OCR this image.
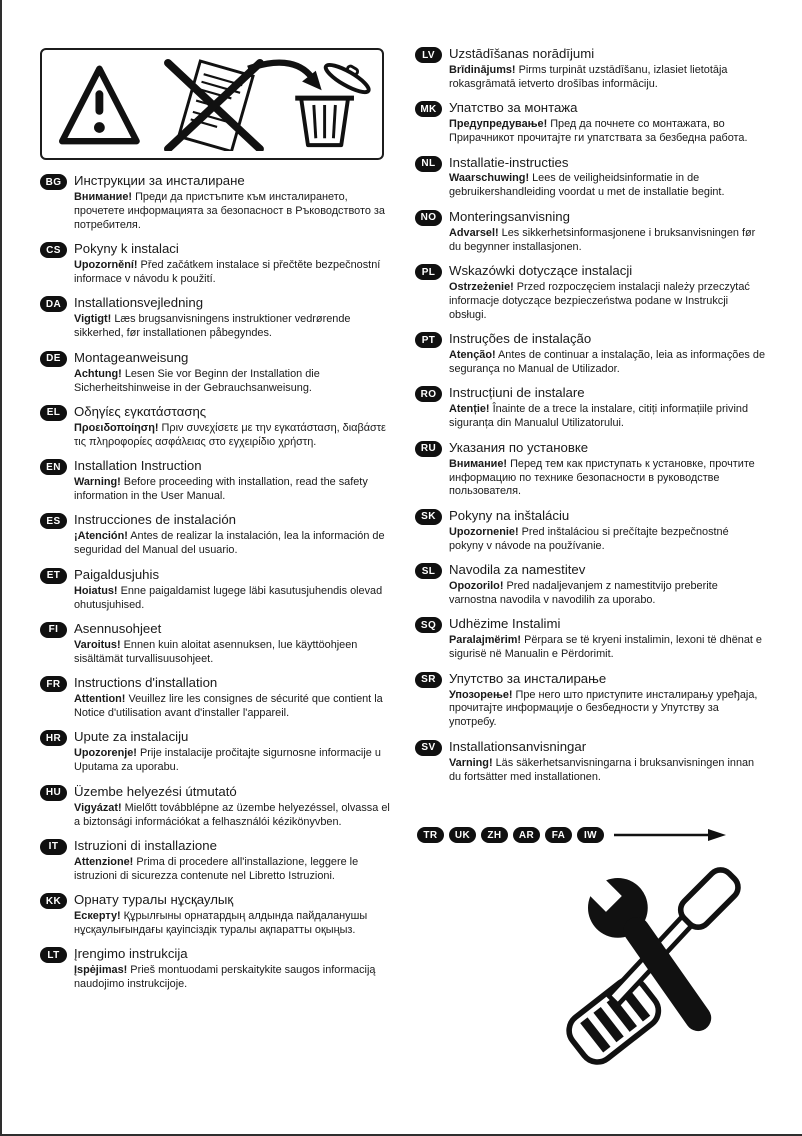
BG Инструкции за инсталиране
Внимание! Преди да пристъпите към инсталирането, прочетете информацията за безопасност в Ръководството за потребителя.
CS Pokyny k instalaci
Upozornění! Před začátkem instalace si přečtěte bezpečnostní informace v návodu k použití.
DA Installationsvejledning
Vigtigt! Læs brugsanvisningens instruktioner vedrørende sikkerhed, før installationen påbegyndes.
DE Montageanweisung
Achtung! Lesen Sie vor Beginn der Installation die Sicherheitshinweise in der Gebrauchsanweisung.
EL	Οδηγίες εγκατάστασης
Προειδοποίηση! Πριν συνεχίσετε με την εγκατάσταση, διαβάστε τις πληροφορίες ασφάλειας στο εγχειρίδιο χρήστη.
EN Installation Instruction
Warning! Before proceeding with installation, read the safety information in the User Manual.
ES	Instrucciones de instalación
¡Atención! Antes de realizar la instalación, lea la información de seguridad del Manual del usuario.
ET	Paigaldusjuhis
Hoiatus! Enne paigaldamist lugege läbi kasutusjuhendis olevad ohutusjuhised.
FI	Asennusohjeet
Varoitus! Ennen kuin aloitat asennuksen, lue käyttöohjeen sisältämät turvallisuusohjeet.
FR	Instructions d'installation
Attention! Veuillez lire les consignes de sécurité que contient la Notice d'utilisation avant d'installer l'appareil.
HR Upute za instalaciju
Upozorenje! Prije instalacije pročitajte sigurnosne informacije u Uputama za uporabu.
HU Üzembe helyezési útmutató
Vigyázat! Mielőtt továbblépne az üzembe helyezéssel, olvassa el a biztonsági információkat a felhasználói kézikönyvben.
IT	Istruzioni di installazione
Attenzione! Prima di procedere all'installazione, leggere le istruzioni di sicurezza contenute nel Libretto Istruzioni.
KK Орнату туралы нұсқаулық
Ескерту! Құрылғыны орнатардың алдында пайдаланушы нұсқаулығындағы қауіпсіздік туралы ақпаратты оқыңыз.
LT	Įrengimo instrukcija
Įspėjimas! Prieš montuodami perskaitykite saugos informaciją naudojimo instrukcijoje.
LV	Uzstādīšanas norādījumi
Brīdinājums! Pirms turpināt uzstādīšanu, izlasiet lietotāja rokasgrāmatā ietverto drošības informāciju.
MK Упатство за монтажа
Предупредување! Пред да почнете со монтажата, во Прирачникот прочитајте ги упатствата за безбедна работа.
NL	Installatie-instructies
Waarschuwing! Lees de veiligheidsinformatie in de gebruikershandleiding voordat u met de installatie begint.
NO Monteringsanvisning
Advarsel! Les sikkerhetsinformasjonene i bruksanvisningen før du begynner installasjonen.
PL	Wskazówki dotyczące instalacji
Ostrzeżenie! Przed rozpoczęciem instalacji należy przeczytać informacje dotyczące bezpieczeństwa podane w Instrukcji obsługi.
PT	Instruções de instalação
Atenção! Antes de continuar a instalação, leia as informações de segurança no Manual de Utilizador.
RO Instrucțiuni de instalare
Atenție! Înainte de a trece la instalare, citiți informațiile privind siguranța din Manualul Utilizatorului.
RU Указания по установке
Внимание! Перед тем как приступать к установке, прочтите информацию по технике безопасности в руководстве пользователя.
SK Pokyny na inštaláciu
Upozornenie! Pred inštaláciou si prečítajte bezpečnostné pokyny v návode na používanie.
SL	Navodila za namestitev
Opozorilo! Pred nadaljevanjem z namestitvijo preberite varnostna navodila v navodilih za uporabo.
SQ Udhëzime Instalimi
Paralajmërim! Përpara se të kryeni instalimin, lexoni të dhënat e sigurisë në Manualin e Përdorimit.
SR Упутство за инсталирање
Упозорење! Пре него што приступите инсталирању уређаја, прочитајте информације о безбедности у Упутству за употребу.
SV	Installationsanvisningar
Varning! Läs säkerhetsanvisningarna i bruksanvisningen innan du fortsätter med installationen.
TR	UK	ZH	AR	FA	IW
